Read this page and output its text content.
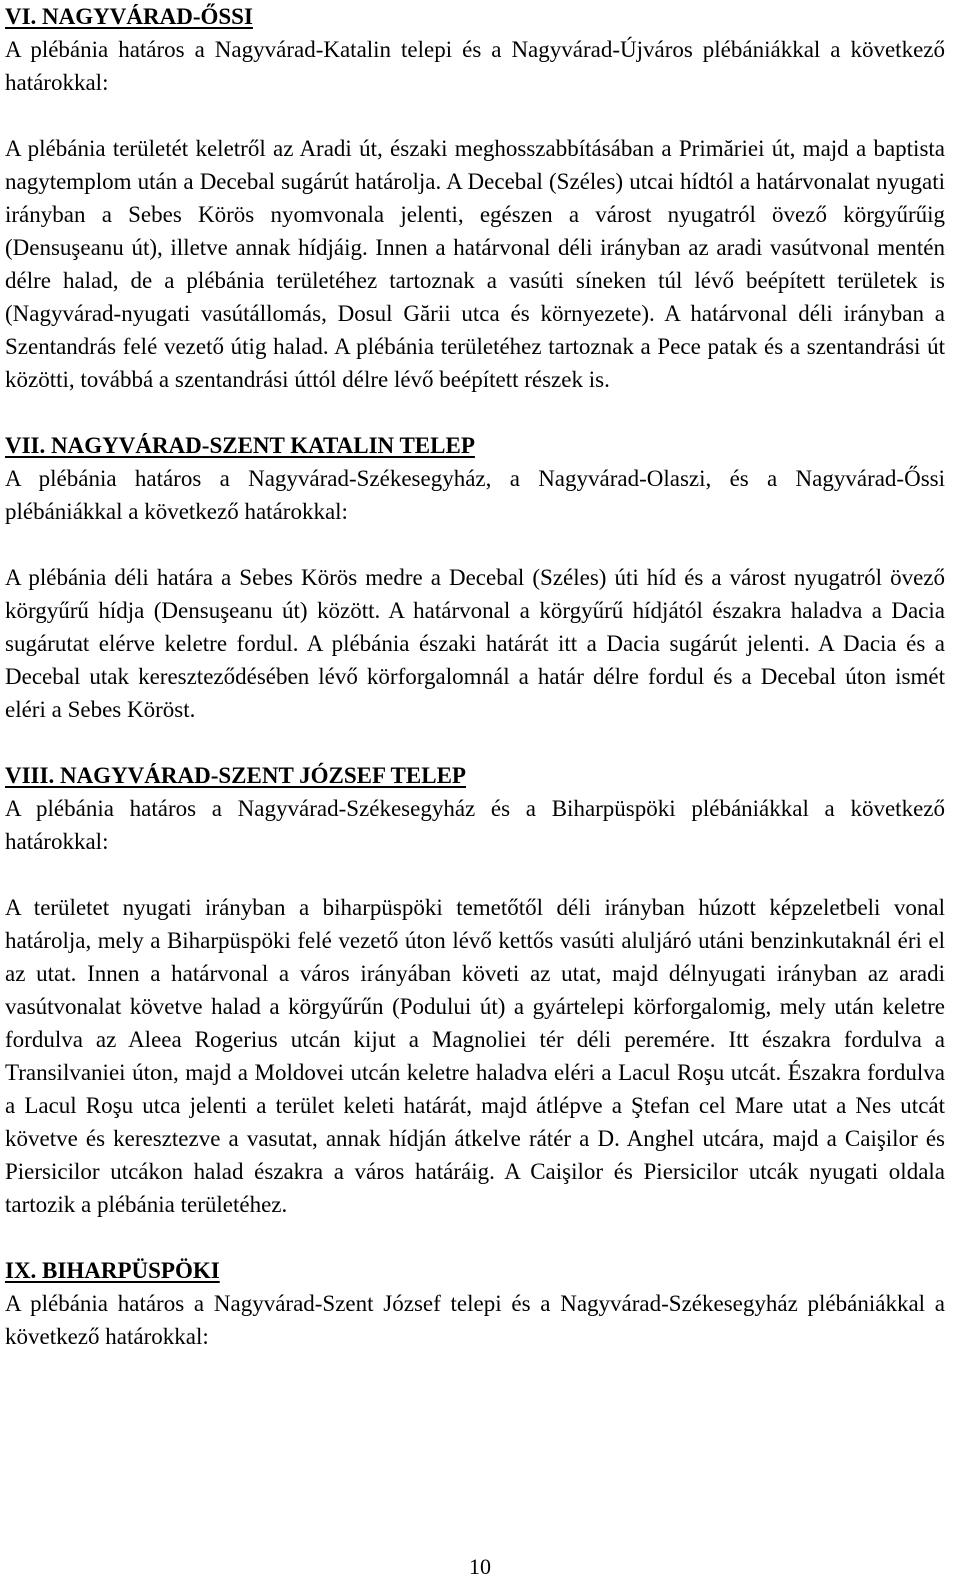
VI. NAGYVÁRAD-ŐSSI

A plébánia határos a Nagyvárad-Katalin telepi és a Nagyvárad-Újváros plébániákkal a következő határokkal:

A plébánia területét keletről az Aradi út, északi meghosszabbításában a Primăriei út, majd a baptista nagytemplom után a Decebal sugárút határolja. A Decebal (Széles) utcai hídtól a határvonalat nyugati irányban a Sebes Körös nyomvonala jelenti, egészen a várost nyugatról övező körgyűrűig (Densuşeanu út), illetve annak hídjáig. Innen a határvonal déli irányban az aradi vasútvonal mentén délre halad, de a plébánia területéhez tartoznak a vasúti síneken túl lévő beépített területek is (Nagyvárad-nyugati vasútállomás, Dosul Gării utca és környezete). A határvonal déli irányban a Szentandrás felé vezető útig halad. A plébánia területéhez tartoznak a Pece patak és a szentandrási út közötti, továbbá a szentandrási úttól délre lévő beépített részek is.

VII. NAGYVÁRAD-SZENT KATALIN TELEP

A plébánia határos a Nagyvárad-Székesegyház, a Nagyvárad-Olaszi, és a Nagyvárad-Őssi plébániákkal a következő határokkal:

A plébánia déli határa a Sebes Körös medre a Decebal (Széles) úti híd és a várost nyugatról övező körgyűrű hídja (Densuşeanu út) között. A határvonal a körgyűrű hídjától északra haladva a Dacia sugárutat elérve keletre fordul. A plébánia északi határát itt a Dacia sugárút jelenti. A Dacia és a Decebal utak kereszteződésében lévő körforgalomnál a határ délre fordul és a Decebal úton ismét eléri a Sebes Köröst.

VIII. NAGYVÁRAD-SZENT JÓZSEF TELEP

A plébánia határos a Nagyvárad-Székesegyház és a Biharpüspöki plébániákkal a következő határokkal:

A területet nyugati irányban a biharpüspöki temetőtől déli irányban húzott képzeletbeli vonal határolja, mely a Biharpüspöki felé vezető úton lévő kettős vasúti aluljáró utáni benzinkutaknál éri el az utat. Innen a határvonal a város irányában követi az utat, majd délnyugati irányban az aradi vasútvonalat követve halad a körgyűrűn (Podului út) a gyártelepi körforgalomig, mely után keletre fordulva az Aleea Rogerius utcán kijut a Magnoliei tér déli peremére. Itt északra fordulva a Transilvaniei úton, majd a Moldovei utcán keletre haladva eléri a Lacul Roşu utcát. Északra fordulva a Lacul Roşu utca jelenti a terület keleti határát, majd átlépve a Ştefan cel Mare utat a Nes utcát követve és keresztezve a vasutat, annak hídján átkelve rátér a D. Anghel utcára, majd a Caişilor és Piersicilor utcákon halad északra a város határáig. A Caişilor és Piersicilor utcák nyugati oldala tartozik a plébánia területéhez.

IX. BIHARPÜSPÖKI

A plébánia határos a Nagyvárad-Szent József telepi és a Nagyvárad-Székesegyház plébániákkal a következő határokkal:

10
